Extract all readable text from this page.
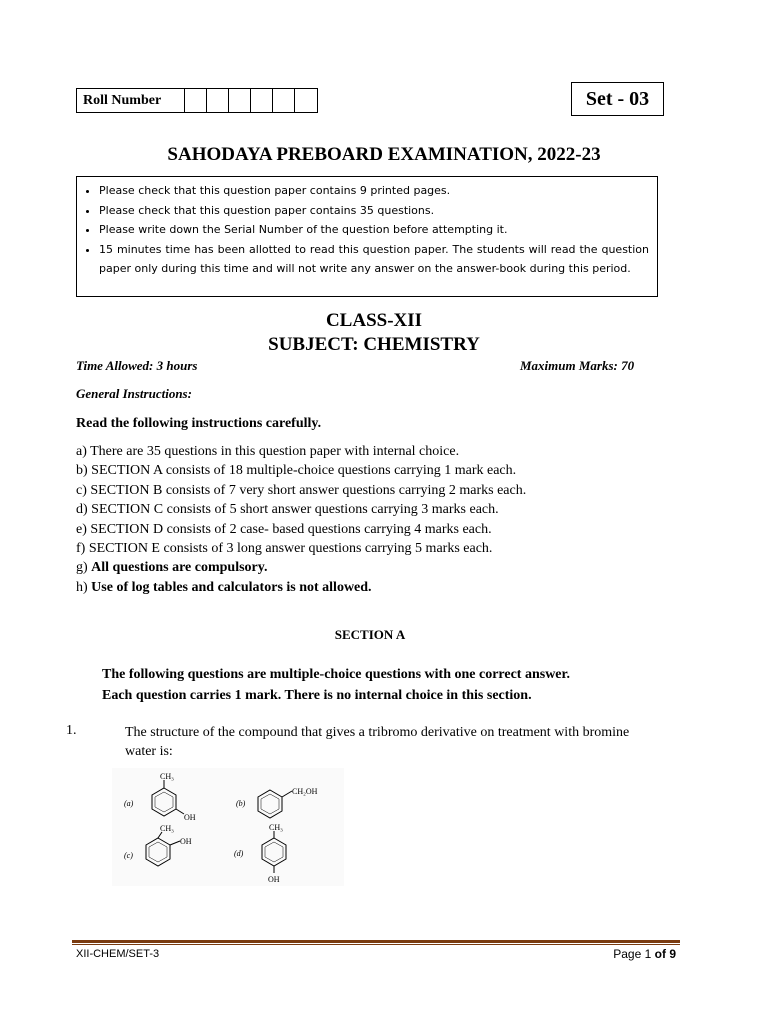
Roll Number	Set - 03
SAHODAYA PREBOARD EXAMINATION, 2022-23
• Please check that this question paper contains 9 printed pages.
• Please check that this question paper contains 35 questions.
• Please write down the Serial Number of the question before attempting it.
• 15 minutes time has been allotted to read this question paper. The students will read the question paper only during this time and will not write any answer on the answer-book during this period.
CLASS-XII
SUBJECT: CHEMISTRY
Time Allowed: 3 hours	Maximum Marks: 70
General Instructions:
Read the following instructions carefully.
a) There are 35 questions in this question paper with internal choice.
b) SECTION A consists of 18 multiple-choice questions carrying 1 mark each.
c) SECTION B consists of 7 very short answer questions carrying 2 marks each.
d) SECTION C consists of 5 short answer questions carrying 3 marks each.
e) SECTION D consists of 2 case- based questions carrying 4 marks each.
f) SECTION E consists of 3 long answer questions carrying 5 marks each.
g) All questions are compulsory.
h) Use of log tables and calculators is not allowed.
SECTION A
The following questions are multiple-choice questions with one correct answer.
Each question carries 1 mark. There is no internal choice in this section.
1.	The structure of the compound that gives a tribromo derivative on treatment with bromine water is:
(a)
CH₃
OH
(b)
CH₂OH
(c)
CH₃
OH
(d)
CH₃
OH
XII-CHEM/SET-3	Page 1 of 9
